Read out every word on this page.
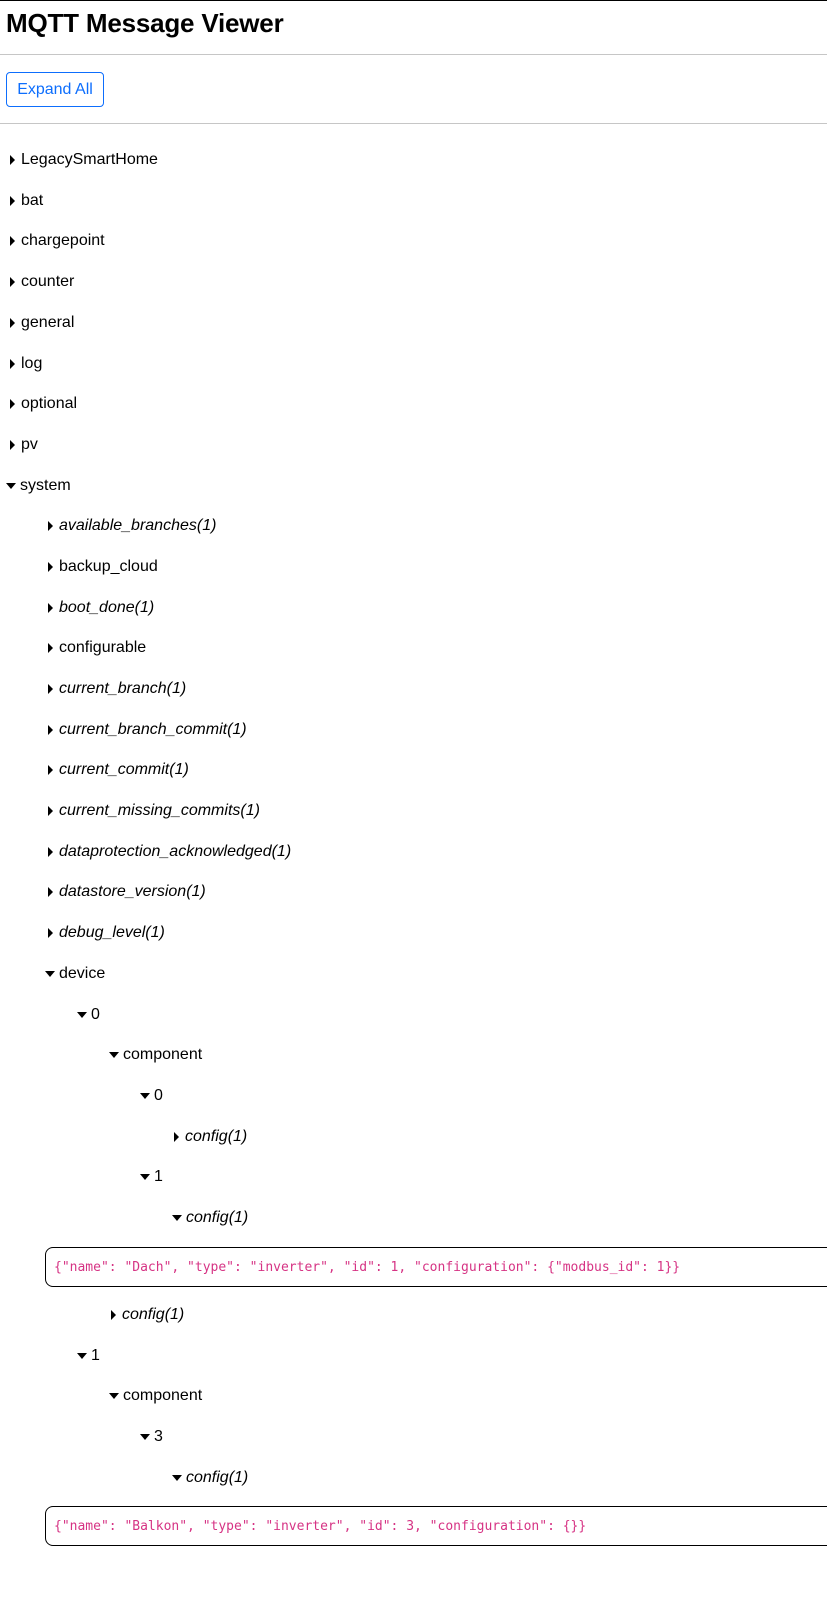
MQTT Message Viewer
Expand All
LegacySmartHome
bat
chargepoint
counter
general
log
optional
pv
system
available_branches(1)
backup_cloud
boot_done(1)
configurable
current_branch(1)
current_branch_commit(1)
current_commit(1)
current_missing_commits(1)
dataprotection_acknowledged(1)
datastore_version(1)
debug_level(1)
device
0
component
0
config(1)
1
config(1)
config(1)
1
component
3
config(1)
{"name": "Dach", "type": "inverter", "id": 1, "configuration": {"modbus_id": 1}}
{"name": "Balkon", "type": "inverter", "id": 3, "configuration": {}}
